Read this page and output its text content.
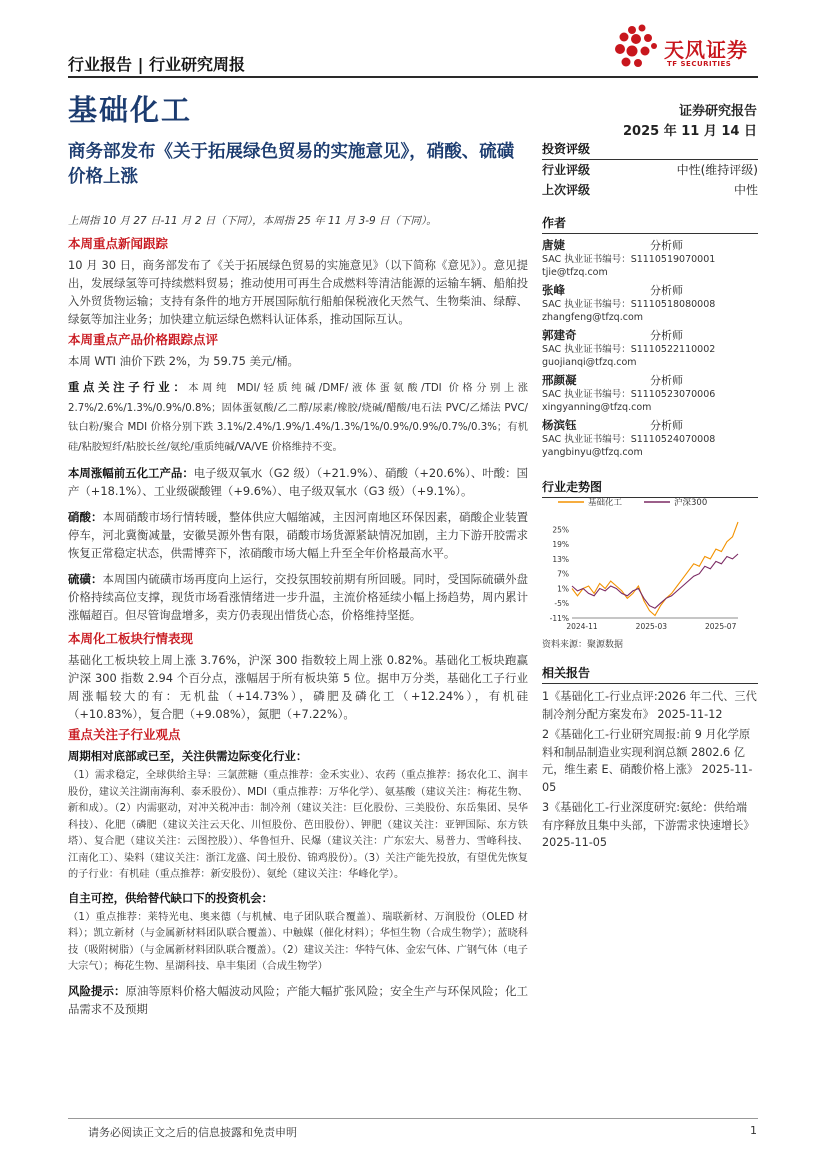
行业报告 | 行业研究周报
天风证券
TF SECURITIES
基础化工	证券研究报告
2025 年 11 月 14 日
商务部发布《关于拓展绿色贸易的实施意见》，硝酸、硫磺价格上涨
投资评级
行业评级	中性(维持评级)
上次评级	中性
作者
唐婕	分析师
SAC 执业证书编号：S1110519070001
tjie@tfzq.com
张峰	分析师
SAC 执业证书编号：S1110518080008
zhangfeng@tfzq.com
郭建奇	分析师
SAC 执业证书编号：S1110522110002
guojianqi@tfzq.com
邢颜凝	分析师
SAC 执业证书编号：S1110523070006
xingyanning@tfzq.com
杨滨钰	分析师
SAC 执业证书编号：S1110524070008
yangbinyu@tfzq.com
行业走势图
基础化工	沪深300
25%
19%
13%
7%
1%
-5%
-11%
2024-11	2025-03	2025-07
资料来源：聚源数据
相关报告

1《基础化工-行业点评:2026 年二代、三代制冷剂分配方案发布》 2025-11-12

2《基础化工-行业研究周报:前 9 月化学原料和制品制造业实现利润总额 2802.6 亿元，维生素 E、硝酸价格上涨》 2025-11-05

3《基础化工-行业深度研究:氨纶：供给端有序释放且集中头部，下游需求快速增长》 2025-11-05

上周指 10 月 27 日-11 月 2 日（下同），本周指 25 年 11 月 3-9 日（下同）。
本周重点新闻跟踪

10 月 30 日，商务部发布了《关于拓展绿色贸易的实施意见》（以下简称《意见》）。意见提出，发展绿氢等可持续燃料贸易；推动使用可再生合成燃料等清洁能源的运输车辆、船舶投入外贸货物运输；支持有条件的地方开展国际航行船舶保税液化天然气、生物柴油、绿醇、绿氨等加注业务；加快建立航运绿色燃料认证体系，推动国际互认。

本周重点产品价格跟踪点评

本周 WTI 油价下跌 2%，为 59.75 美元/桶。

重点关注子行业：本周纯 MDI/轻质纯碱/DMF/液体蛋氨酸/TDI 价格分别上涨 2.7%/2.6%/1.3%/0.9%/0.8%；固体蛋氨酸/乙二醇/尿素/橡胶/烧碱/醋酸/电石法 PVC/乙烯法 PVC/钛白粉/聚合 MDI 价格分别下跌 3.1%/2.4%/1.9%/1.4%/1.3%/1%/0.9%/0.9%/0.7%/0.3%；有机硅/粘胶短纤/粘胶长丝/氨纶/重质纯碱/VA/VE 价格维持不变。

本周涨幅前五化工产品：电子级双氧水（G2 级）（+21.9%）、硝酸（+20.6%）、叶酸：国产（+18.1%）、工业级碳酸锂（+9.6%）、电子级双氧水（G3 级）（+9.1%）。

硝酸：本周硝酸市场行情转暖，整体供应大幅缩减，主因河南地区环保因素，硝酸企业装置停车，河北冀衡减量，安徽昊源外售有限，硝酸市场货源紧缺情况加剧，主力下游开胶需求恢复正常稳定状态，供需博弈下，浓硝酸市场大幅上升至全年价格最高水平。

硫磺：本周国内硫磺市场再度向上运行，交投氛围较前期有所回暖。同时，受国际硫磺外盘价格持续高位支撑，现货市场看涨情绪进一步升温，主流价格延续小幅上扬趋势，周内累计涨幅超百。但尽管询盘增多，卖方仍表现出惜货心态，价格维持坚挺。

本周化工板块行情表现

基础化工板块较上周上涨 3.76%，沪深 300 指数较上周上涨 0.82%。基础化工板块跑赢沪深 300 指数 2.94 个百分点，涨幅居于所有板块第 5 位。据申万分类，基础化工子行业周涨幅较大的有：无机盐（+14.73%），磷肥及磷化工（+12.24%），有机硅（+10.83%），复合肥（+9.08%），氮肥（+7.22%）。

重点关注子行业观点
周期相对底部或已至，关注供需边际变化行业：

（1）需求稳定，全球供给主导：三氯蔗糖（重点推荐：金禾实业）、农药（重点推荐：扬农化工、润丰股份，建议关注湖南海利、泰禾股份）、MDI（重点推荐：万华化学）、氨基酸（建议关注：梅花生物、新和成）。（2）内需驱动，对冲关税冲击：制冷剂（建议关注：巨化股份、三美股份、东岳集团、昊华科技）、化肥（磷肥（建议关注云天化、川恒股份、芭田股份）、钾肥（建议关注：亚钾国际、东方铁塔）、复合肥（建议关注：云图控股））、华鲁恒升、民爆（建议关注：广东宏大、易普力、雪峰科技、江南化工）、染料（建议关注：浙江龙盛、闰土股份、锦鸡股份）。（3）关注产能先投放，有望优先恢复的子行业：有机硅（重点推荐：新安股份）、氨纶（建议关注：华峰化学）。

自主可控，供给替代缺口下的投资机会：

（1）重点推荐：莱特光电、奥来德（与机械、电子团队联合覆盖）、瑞联新材、万润股份（OLED 材料）；凯立新材（与金属新材料团队联合覆盖）、中触媒（催化材料）；华恒生物（合成生物学）；蓝晓科技（吸附树脂）（与金属新材料团队联合覆盖）。（2）建议关注：华特气体、金宏气体、广钢气体（电子大宗气）；梅花生物、星湖科技、阜丰集团（合成生物学）

风险提示：原油等原料价格大幅波动风险；产能大幅扩张风险；安全生产与环保风险；化工品需求不及预期

请务必阅读正文之后的信息披露和免责申明	1
